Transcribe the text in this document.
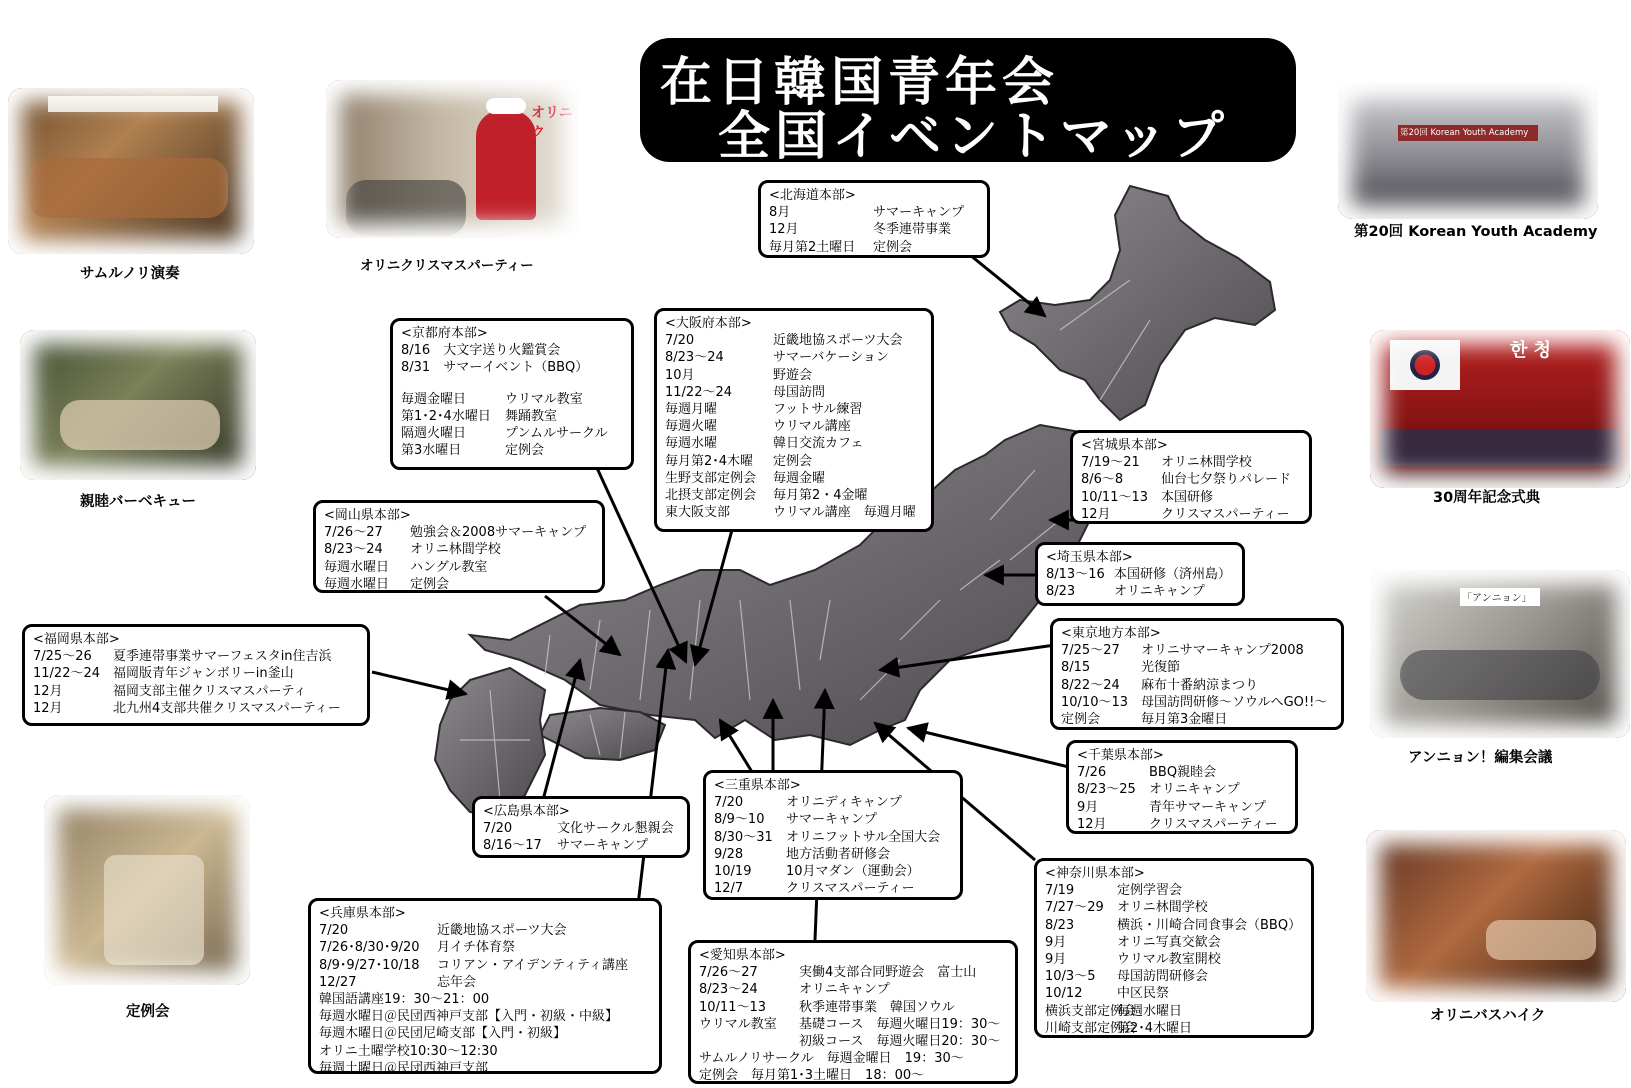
在日韓国青年会
全国イベントマップ
サムルノリ演奏
オリニク
オリニクリスマスパーティー
親睦バーベキュー
定例会
第20回 Korean Youth Academy
第20回 Korean Youth Academy
한 청
30周年記念式典
「アンニョン」
アンニョン！編集会議
オリニバスハイク
<北海道本部>
8月	サマーキャンプ
12月	冬季連帯事業
毎月第2土曜日	定例会
<京都府本部>
8/16　大文字送り火鑑賞会
8/31　サマーイベント（BBQ）
毎週金曜日	ウリマル教室
第1･2･4水曜日	舞踊教室
隔週火曜日	プンムルサークル
第3水曜日	定例会
<大阪府本部>
7/20	近畿地協スポーツ大会
8/23～24	サマーバケーション
10月	野遊会
11/22～24	母国訪問
毎週月曜	フットサル練習
毎週火曜	ウリマル講座
毎週水曜	韓日交流カフェ
毎月第2･4木曜	定例会
生野支部定例会	毎週金曜
北摂支部定例会	毎月第2・4金曜
東大阪支部	ウリマル講座　毎週月曜
<宮城県本部>
7/19～21	オリニ林間学校
8/6～8	仙台七夕祭りパレード
10/11～13 本国研修
12月	クリスマスパーティー
<埼玉県本部>
8/13～16 本国研修（済州島）
8/23	オリニキャンプ
<岡山県本部>
7/26～27	勉強会＆2008サマーキャンプ
8/23～24	オリニ林間学校
毎週水曜日	ハングル教室
毎週水曜日	定例会
<福岡県本部>
7/25～26	夏季連帯事業サマーフェスタin住吉浜
11/22～24 福岡版青年ジャンボリーin釜山
12月	福岡支部主催クリスマスパーティ
12月	北九州4支部共催クリスマスパーティー
<東京地方本部>
7/25～27	オリニサマーキャンプ2008
8/15	光復節
8/22～24	麻布十番納涼まつり
10/10～13 母国訪問研修～ソウルへGO!!～
定例会	毎月第3金曜日
<千葉県本部>
7/26	BBQ親睦会
8/23～25	オリニキャンプ
9月	青年サマーキャンプ
12月	クリスマスパーティー
<三重県本部>
7/20	オリニディキャンプ
8/9～10	サマーキャンプ
8/30～31	オリニフットサル全国大会
9/28	地方活動者研修会
10/19	10月マダン（運動会）
12/7	クリスマスパーティー
<広島県本部>
7/20	文化サークル懇親会
8/16～17	サマーキャンプ
<神奈川県本部>
7/19	定例学習会
7/27～29	オリニ林間学校
8/23	横浜・川崎合同食事会（BBQ）
9月	オリニ写真交歓会
9月	ウリマル教室開校
10/3～5	母国訪問研修会
10/12	中区民祭
横浜支部定例会
毎週水曜日
川崎支部定例会
第2･4木曜日
<兵庫県本部>
7/20	近畿地協スポーツ大会
7/26･8/30･9/20	月イチ体育祭
8/9･9/27･10/18	コリアン・アイデンティティ講座
12/27	忘年会
韓国語講座19：30～21：00
毎週水曜日＠民団西神戸支部【入門・初級・中級】
毎週木曜日＠民団尼崎支部【入門・初級】
オリニ土曜学校10:30～12:30
毎週土曜日＠民団西神戸支部
<愛知県本部>
7/26～27	実働4支部合同野遊会　富士山
8/23～24	オリニキャンプ
10/11～13	秋季連帯事業　韓国ソウル
ウリマル教室	基礎コース　毎週火曜日19：30～
初級コース　毎週火曜日20：30～
サムルノリサークル　毎週金曜日　19：30～
定例会　毎月第1･3土曜日　18：00～
